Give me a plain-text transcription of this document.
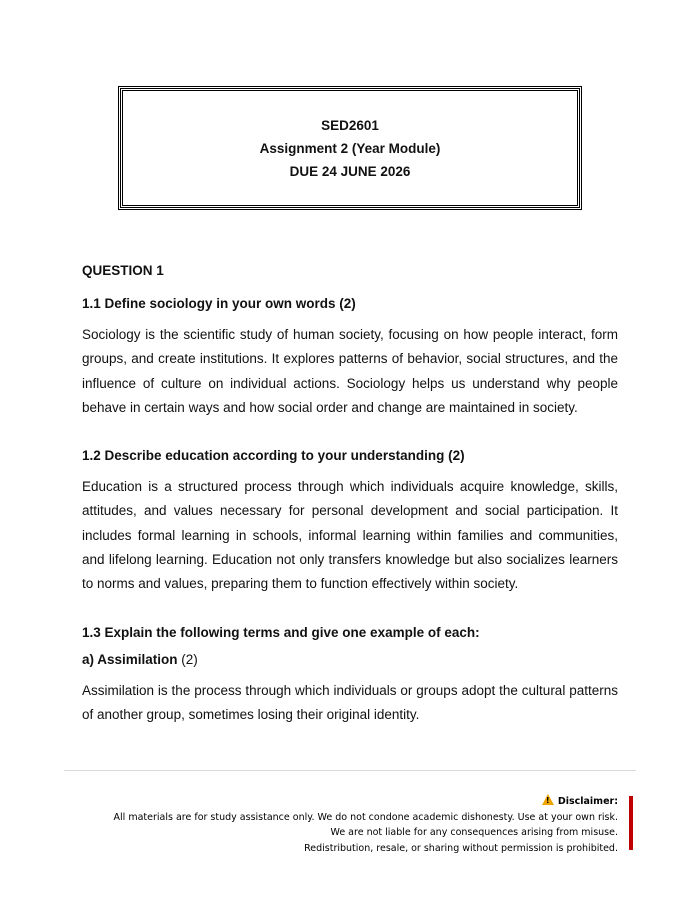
SED2601
Assignment 2 (Year Module)
DUE 24 JUNE 2026

QUESTION 1

1.1 Define sociology in your own words (2)

Sociology is the scientific study of human society, focusing on how people interact, form groups, and create institutions. It explores patterns of behavior, social structures, and the influence of culture on individual actions. Sociology helps us understand why people behave in certain ways and how social order and change are maintained in society.

1.2 Describe education according to your understanding (2)

Education is a structured process through which individuals acquire knowledge, skills, attitudes, and values necessary for personal development and social participation. It includes formal learning in schools, informal learning within families and communities, and lifelong learning. Education not only transfers knowledge but also socializes learners to norms and values, preparing them to function effectively within society.

1.3 Explain the following terms and give one example of each:

a) Assimilation (2)

Assimilation is the process through which individuals or groups adopt the cultural patterns of another group, sometimes losing their original identity.

!Disclaimer:
All materials are for study assistance only. We do not condone academic dishonesty. Use at your own risk.
We are not liable for any consequences arising from misuse.
Redistribution, resale, or sharing without permission is prohibited.
